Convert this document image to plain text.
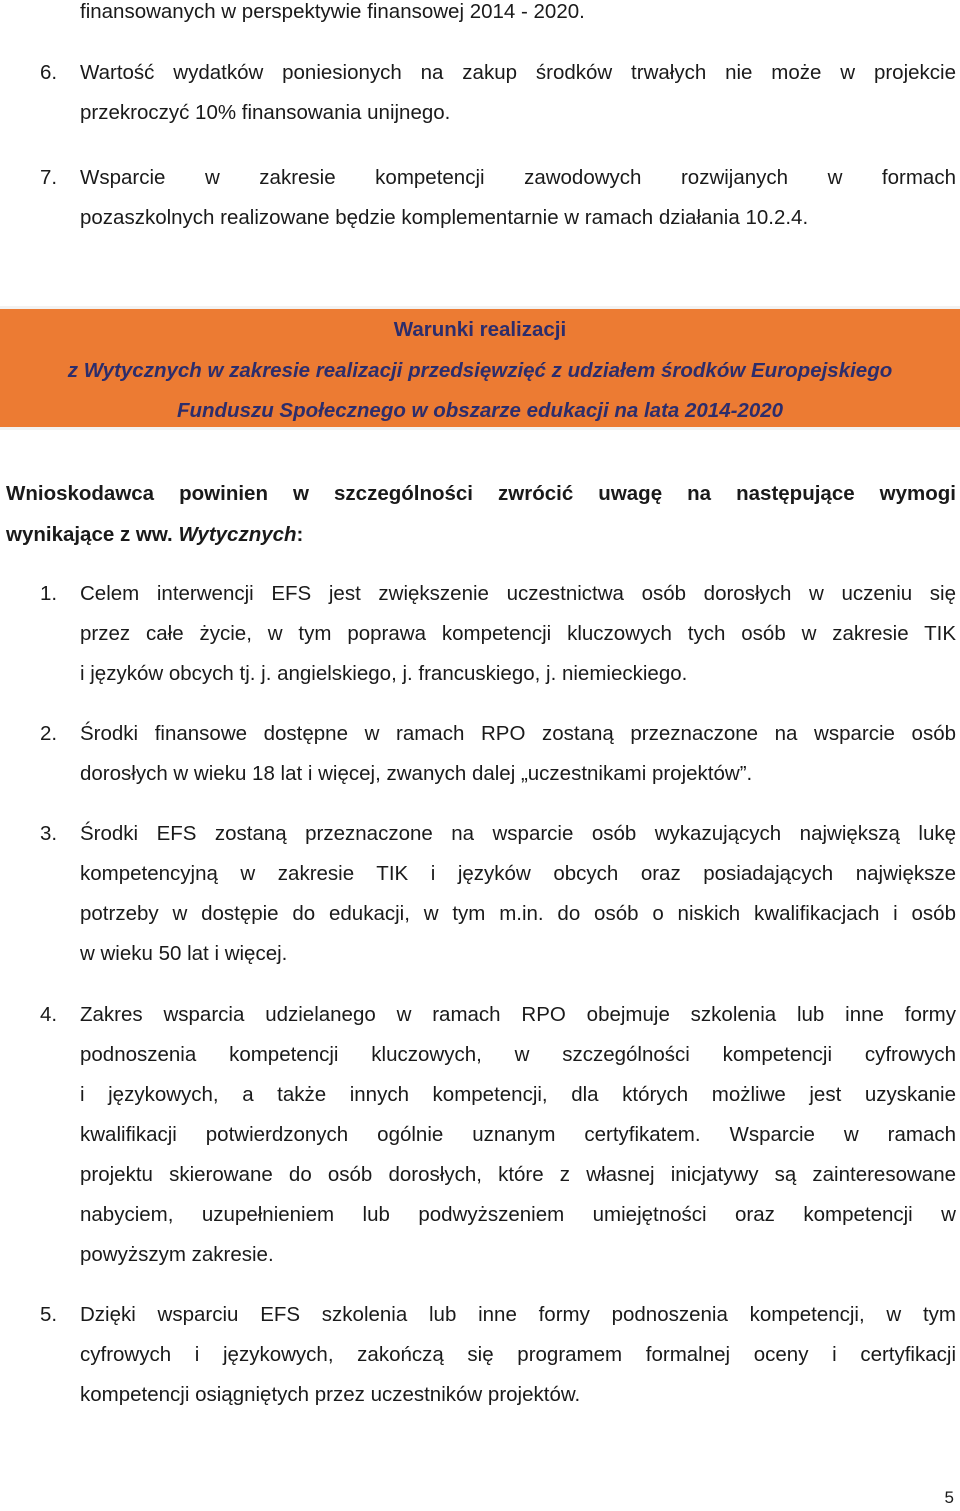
finansowanych w perspektywie finansowej 2014 - 2020.
6. Wartość wydatków poniesionych na zakup środków trwałych nie może w projekcie
przekroczyć 10% finansowania unijnego.
7. Wsparcie w zakresie kompetencji zawodowych rozwijanych w formach
pozaszkolnych realizowane będzie komplementarnie w ramach działania 10.2.4.
Warunki realizacji
z Wytycznych w zakresie realizacji przedsięwzięć z udziałem środków Europejskiego
Funduszu Społecznego w obszarze edukacji na lata 2014-2020
Wnioskodawca powinien w szczególności zwrócić uwagę na następujące wymogi
wynikające z ww. Wytycznych:
1. Celem interwencji EFS jest zwiększenie uczestnictwa osób dorosłych w uczeniu się
przez całe życie, w tym poprawa kompetencji kluczowych tych osób w zakresie TIK
i języków obcych tj. j. angielskiego, j. francuskiego, j. niemieckiego.
2. Środki finansowe dostępne w ramach RPO zostaną przeznaczone na wsparcie osób
dorosłych w wieku 18 lat i więcej, zwanych dalej „uczestnikami projektów”.
3. Środki EFS zostaną przeznaczone na wsparcie osób wykazujących największą lukę
kompetencyjną w zakresie TIK i języków obcych oraz posiadających największe
potrzeby w dostępie do edukacji, w tym m.in. do osób o niskich kwalifikacjach i osób
w wieku 50 lat i więcej.
4. Zakres wsparcia udzielanego w ramach RPO obejmuje szkolenia lub inne formy
podnoszenia kompetencji kluczowych, w szczególności kompetencji cyfrowych
i językowych, a także innych kompetencji, dla których możliwe jest uzyskanie
kwalifikacji potwierdzonych ogólnie uznanym certyfikatem. Wsparcie w ramach
projektu skierowane do osób dorosłych, które z własnej inicjatywy są zainteresowane
nabyciem, uzupełnieniem lub podwyższeniem umiejętności oraz kompetencji w
powyższym zakresie.
5. Dzięki wsparciu EFS szkolenia lub inne formy podnoszenia kompetencji, w tym
cyfrowych i językowych, zakończą się programem formalnej oceny i certyfikacji
kompetencji osiągniętych przez uczestników projektów.
5
